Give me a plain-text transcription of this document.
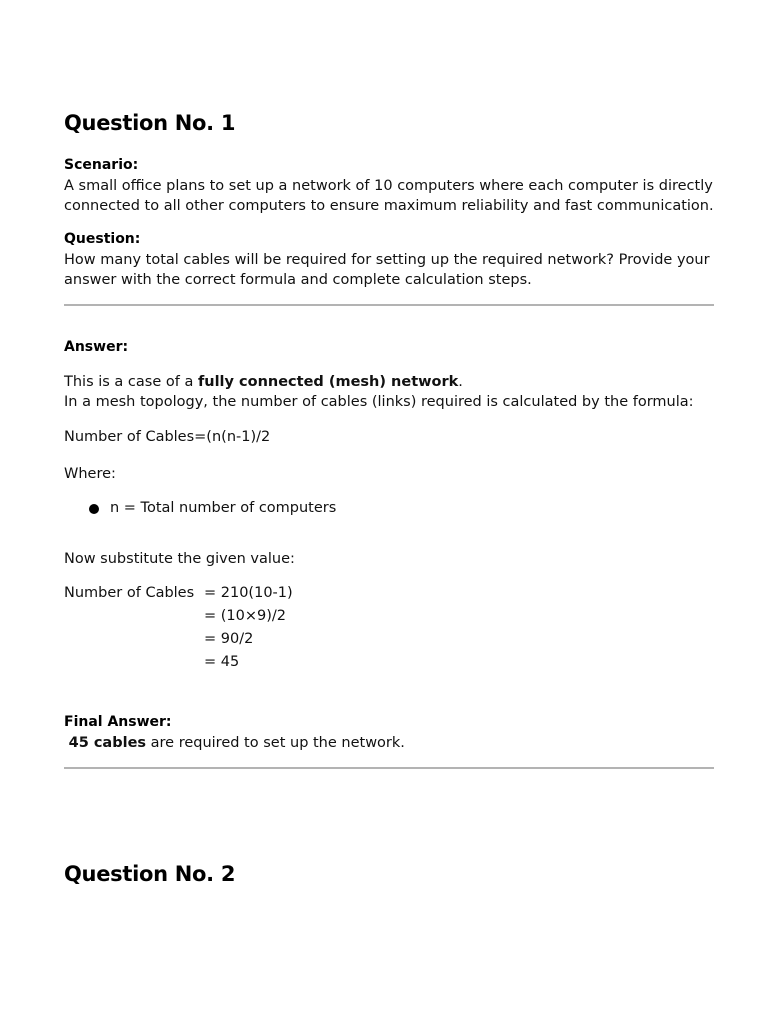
Question No. 1
Scenario:
A small office plans to set up a network of 10 computers where each computer is directly
connected to all other computers to ensure maximum reliability and fast communication.
Question:
How many total cables will be required for setting up the required network? Provide your
answer with the correct formula and complete calculation steps.
Answer:
This is a case of a fully connected (mesh) network.
In a mesh topology, the number of cables (links) required is calculated by the formula:
Number of Cables=(n(n-1)/2
Where:
n = Total number of computers
Now substitute the given value:
Number of Cables = 210(10-1)
= (10×9)/2
= 90/2
= 45
Final Answer:
45 cables are required to set up the network.
Question No. 2
